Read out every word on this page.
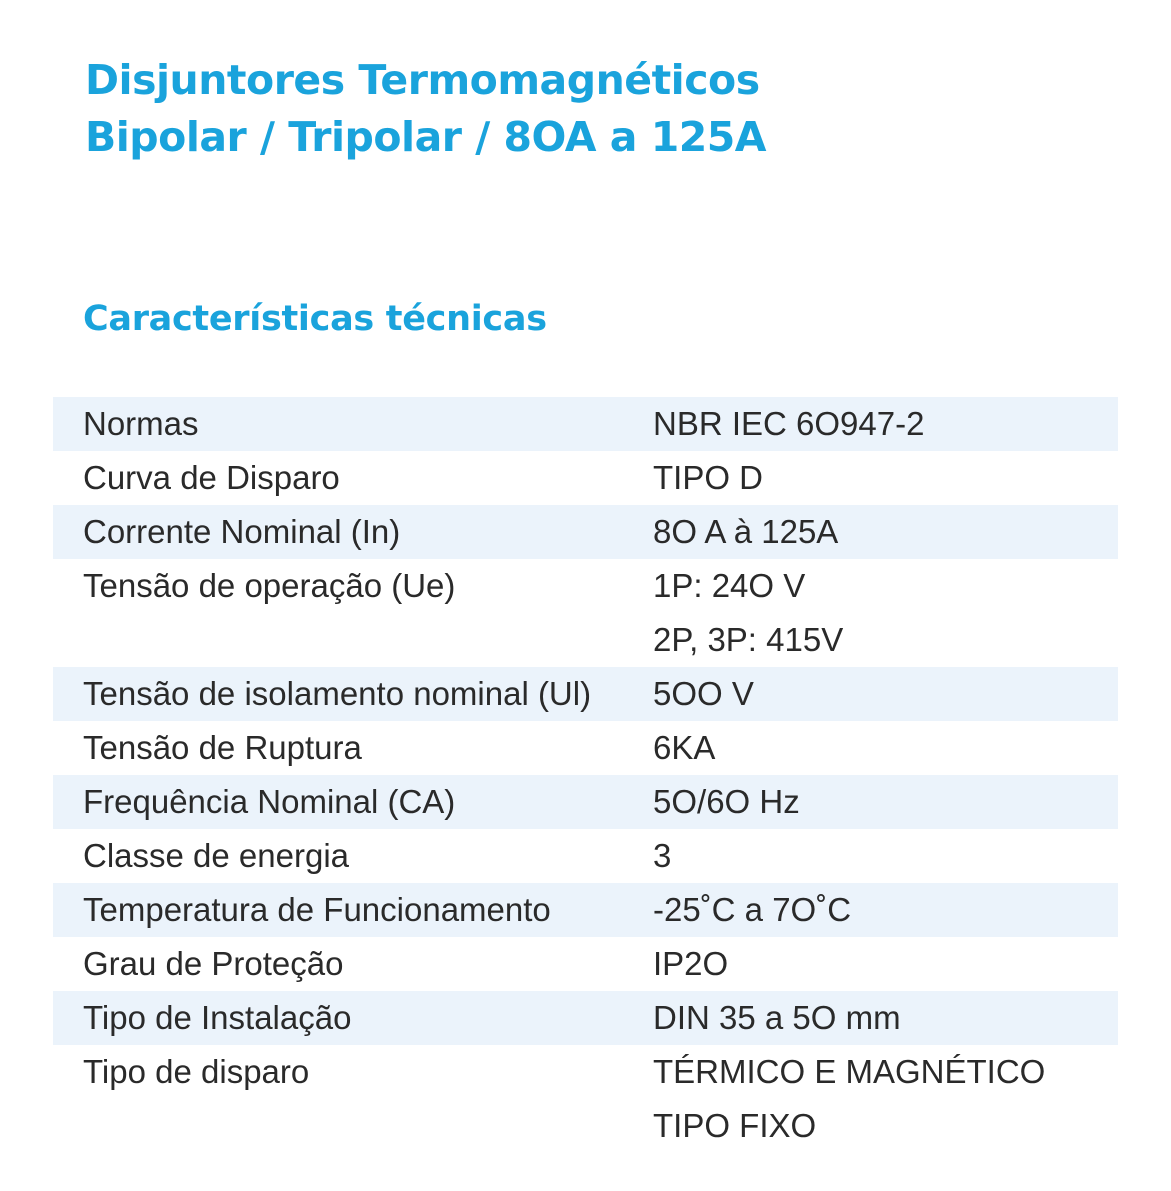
Disjuntores Termomagnéticos
Bipolar / Tripolar / 8OA a 125A
Características técnicas
Normas	NBR IEC 6O947-2

Curva de Disparo	TIPO D

Corrente Nominal (In)	8O A à 125A

Tensão de operação (Ue)	1P: 24O V
2P, 3P: 415V

Tensão de isolamento nominal (Ul)	5OO V

Tensão de Ruptura	6KA

Frequência Nominal (CA)	5O/6O Hz

Classe de energia	3

Temperatura de Funcionamento	-25˚C a 7O˚C

Grau de Proteção	IP2O

Tipo de Instalação	DIN 35 a 5O mm

Tipo de disparo	TÉRMICO E MAGNÉTICO
TIPO FIXO
